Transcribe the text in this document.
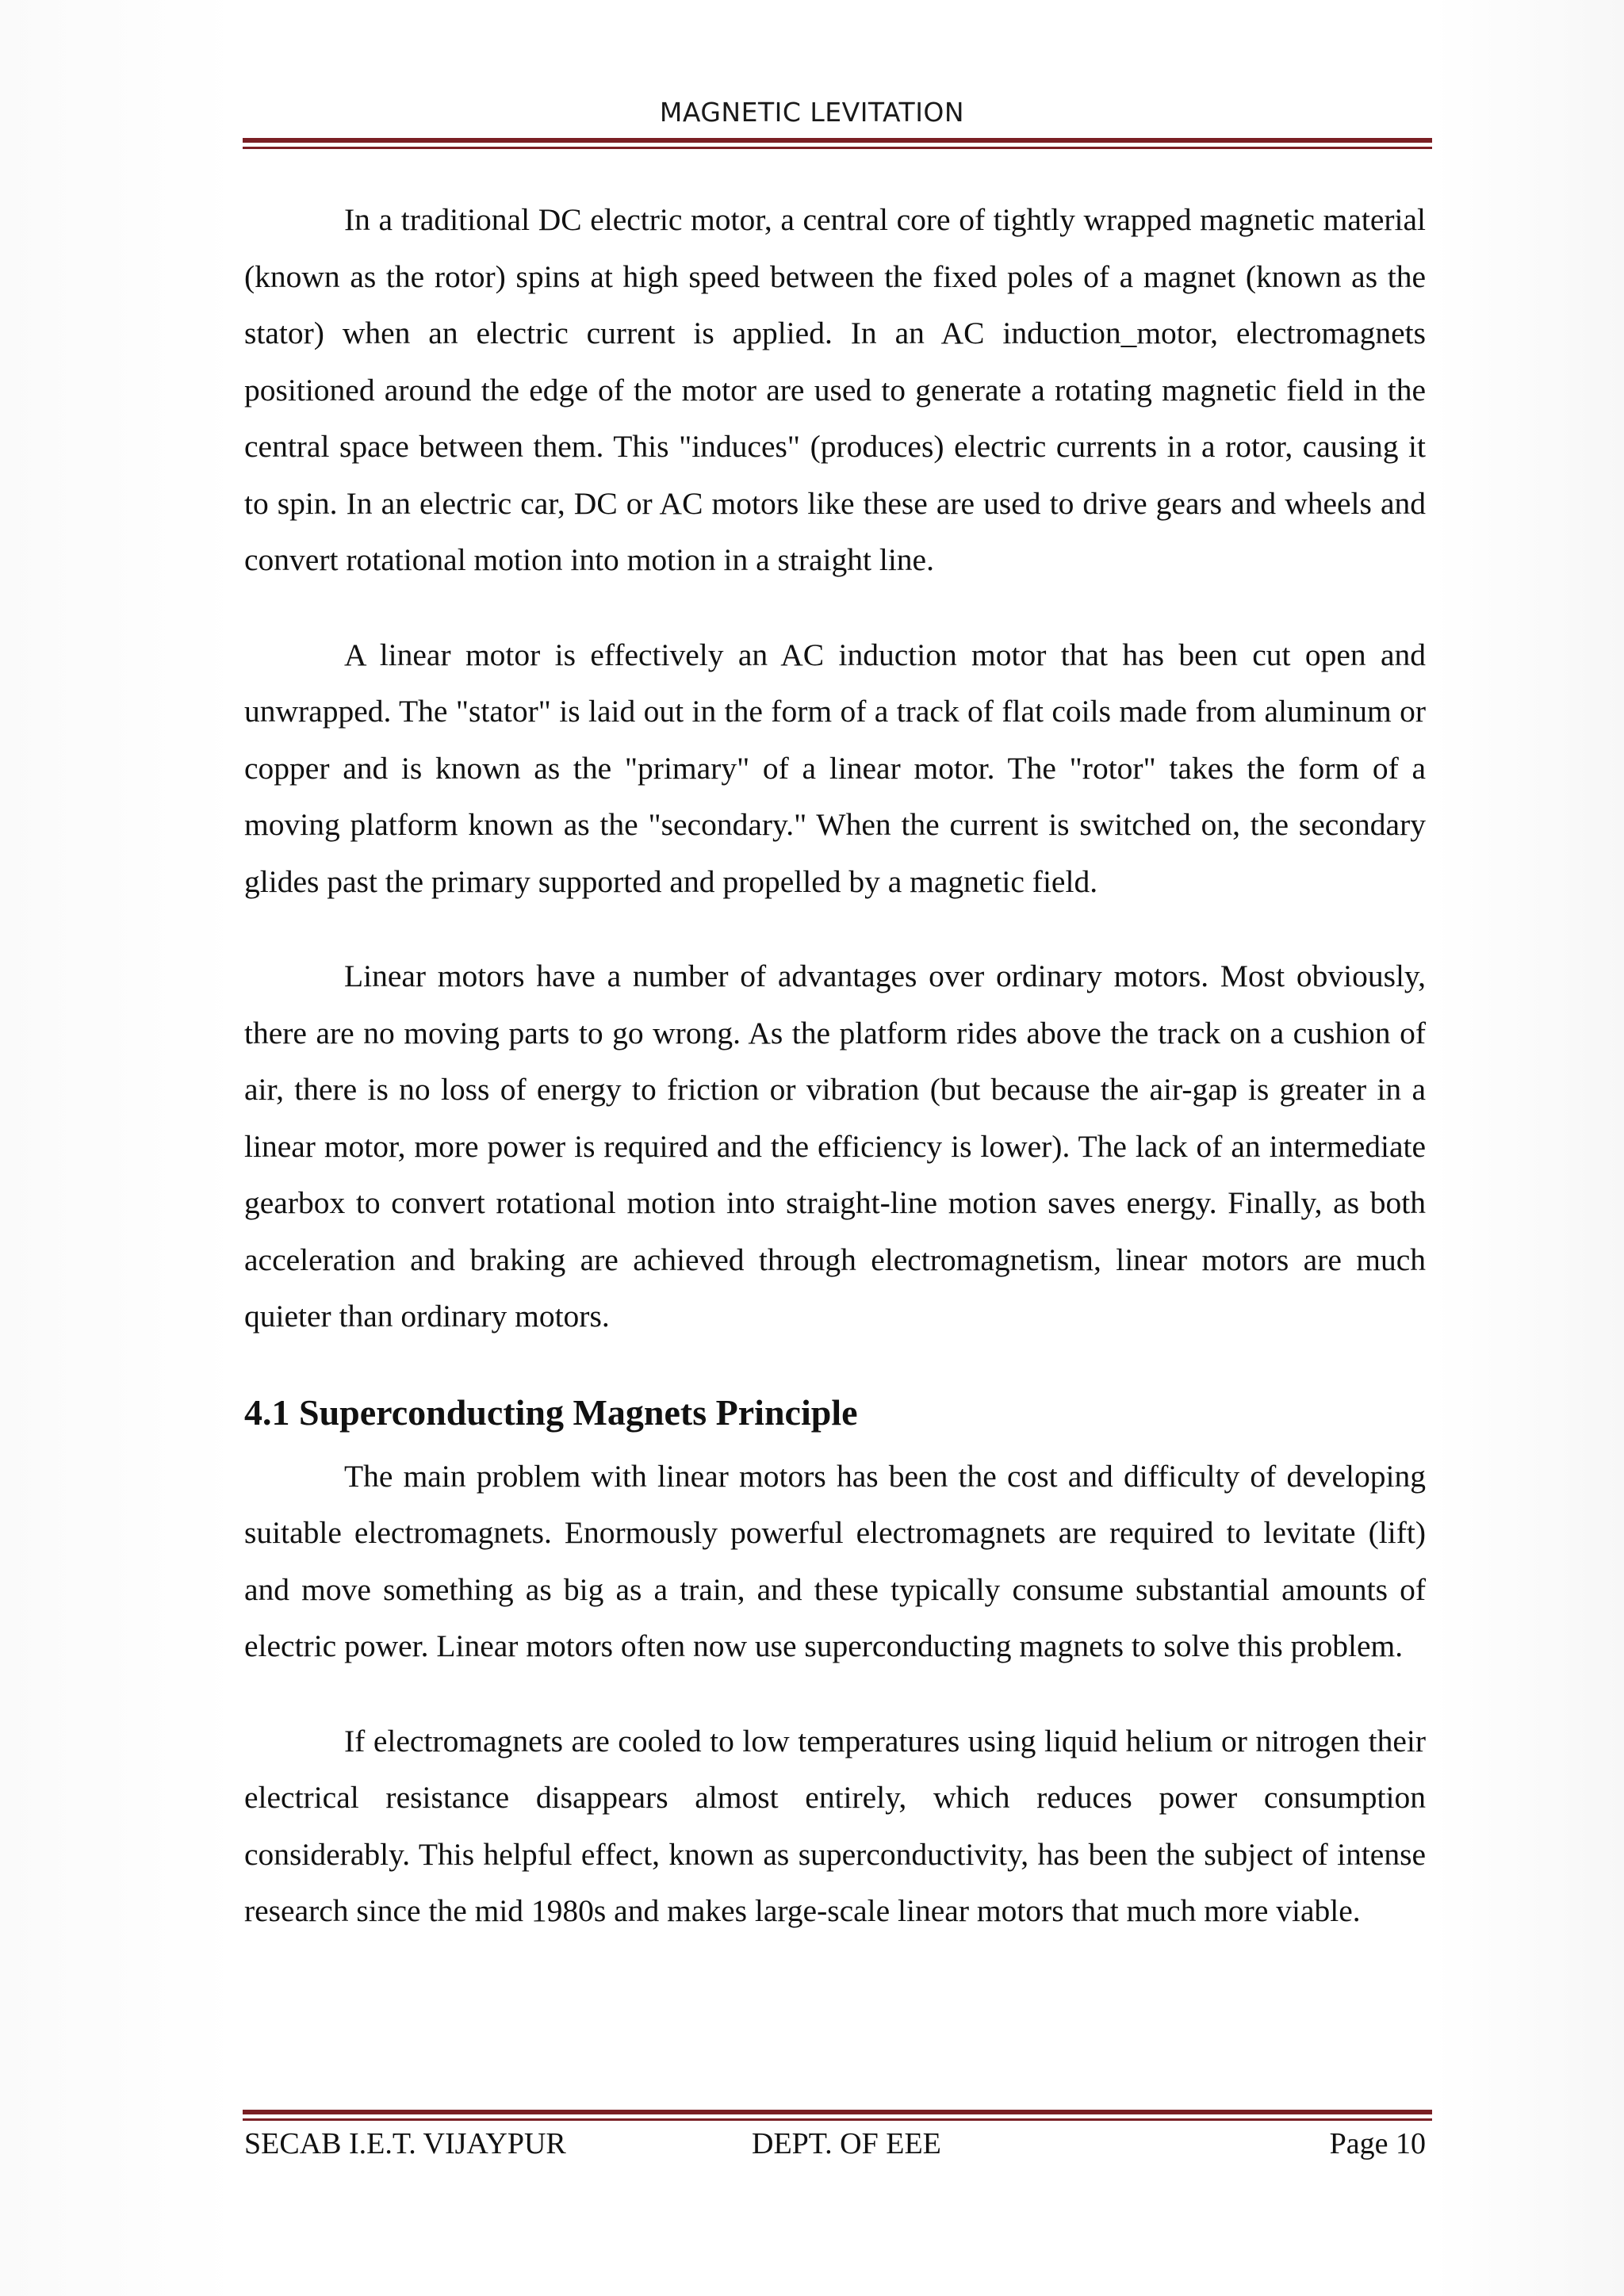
MAGNETIC LEVITATION

In a traditional DC electric motor, a central core of tightly wrapped magnetic material (known as the rotor) spins at high speed between the fixed poles of a magnet (known as the stator) when an electric current is applied. In an AC induction_motor, electromagnets positioned around the edge of the motor are used to generate a rotating magnetic field in the central space between them. This "induces" (produces) electric currents in a rotor, causing it to spin. In an electric car, DC or AC motors like these are used to drive gears and wheels and convert rotational motion into motion in a straight line.

A linear motor is effectively an AC induction motor that has been cut open and unwrapped. The "stator" is laid out in the form of a track of flat coils made from aluminum or copper and is known as the "primary" of a linear motor. The "rotor" takes the form of a moving platform known as the "secondary." When the current is switched on, the secondary glides past the primary supported and propelled by a magnetic field.

Linear motors have a number of advantages over ordinary motors. Most obviously, there are no moving parts to go wrong. As the platform rides above the track on a cushion of air, there is no loss of energy to friction or vibration (but because the air-gap is greater in a linear motor, more power is required and the efficiency is lower). The lack of an intermediate gearbox to convert rotational motion into straight-line motion saves energy. Finally, as both acceleration and braking are achieved through electromagnetism, linear motors are much quieter than ordinary motors.

4.1 Superconducting Magnets Principle

The main problem with linear motors has been the cost and difficulty of developing suitable electromagnets. Enormously powerful electromagnets are required to levitate (lift) and move something as big as a train, and these typically consume substantial amounts of electric power. Linear motors often now use superconducting magnets to solve this problem.

If electromagnets are cooled to low temperatures using liquid helium or nitrogen their electrical resistance disappears almost entirely, which reduces power consumption considerably. This helpful effect, known as superconductivity, has been the subject of intense research since the mid 1980s and makes large-scale linear motors that much more viable.

SECAB I.E.T. VIJAYPUR	DEPT. OF EEE	Page 10
